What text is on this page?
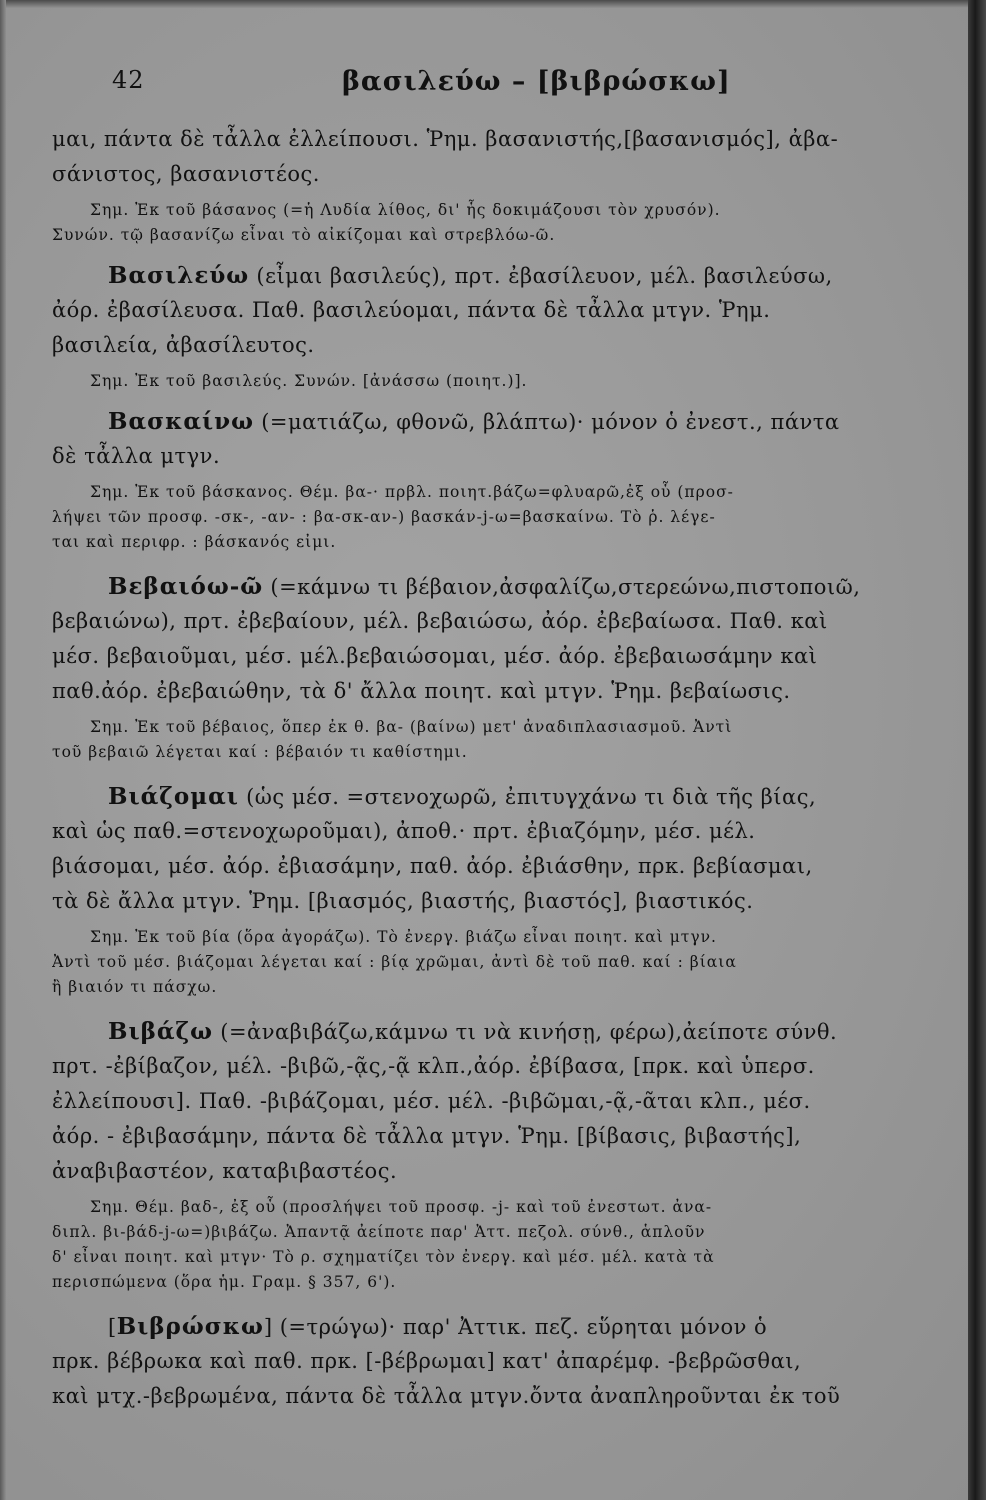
42	βασιλεύω – [βιβρώσκω]
μαι, πάντα δὲ τἆλλα ἐλλείπουσι. Ῥημ. βασανιστής,[βασανισμός], ἀβα-
σάνιστος, βασανιστέος.
Σημ. Ἐκ τοῦ βάσανος (=ἡ Λυδία λίθος, δι' ἧς δοκιμάζουσι τὸν χρυσόν).
Συνών. τῷ βασανίζω εἶναι τὸ αἰκίζομαι καὶ στρεβλόω-ῶ.
Βασιλεύω (εἶμαι βασιλεύς), πρτ. ἐβασίλευον, μέλ. βασιλεύσω,
ἀόρ. ἐβασίλευσα. Παθ. βασιλεύομαι, πάντα δὲ τἆλλα μτγν. Ῥημ.
βασιλεία, ἀβασίλευτος.
Σημ. Ἐκ τοῦ βασιλεύς. Συνών. [ἀνάσσω (ποιητ.)].
Βασκαίνω (=ματιάζω, φθονῶ, βλάπτω)· μόνον ὁ ἐνεστ., πάντα
δὲ τἆλλα μτγν.
Σημ. Ἐκ τοῦ βάσκανος. Θέμ. βα-· πρβλ. ποιητ.βάζω=φλυαρῶ,ἐξ οὗ (προσ-
λήψει τῶν προσφ. -σκ-, -αν- : βα-σκ-αν-) βασκάν-j-ω=βασκαίνω. Τὸ ῥ. λέγε-
ται καὶ περιφρ. : βάσκανός εἰμι.
Βεβαιόω-ῶ (=κάμνω τι βέβαιον,ἀσφαλίζω,στερεώνω,πιστοποιῶ,
βεβαιώνω), πρτ. ἐβεβαίουν, μέλ. βεβαιώσω, ἀόρ. ἐβεβαίωσα. Παθ. καὶ
μέσ. βεβαιοῦμαι, μέσ. μέλ.βεβαιώσομαι, μέσ. ἀόρ. ἐβεβαιωσάμην καὶ
παθ.ἀόρ. ἐβεβαιώθην, τὰ δ' ἄλλα ποιητ. καὶ μτγν. Ῥημ. βεβαίωσις.
Σημ. Ἐκ τοῦ βέβαιος, ὅπερ ἐκ θ. βα- (βαίνω) μετ' ἀναδιπλασιασμοῦ. Ἀντὶ
τοῦ βεβαιῶ λέγεται καί : βέβαιόν τι καθίστημι.
Βιάζομαι (ὡς μέσ. =στενοχωρῶ, ἐπιτυγχάνω τι διὰ τῆς βίας,
καὶ ὡς παθ.=στενοχωροῦμαι), ἀποθ.· πρτ. ἐβιαζόμην, μέσ. μέλ.
βιάσομαι, μέσ. ἀόρ. ἐβιασάμην, παθ. ἀόρ. ἐβιάσθην, πρκ. βεβίασμαι,
τὰ δὲ ἄλλα μτγν. Ῥημ. [βιασμός, βιαστής, βιαστός], βιαστικός.
Σημ. Ἐκ τοῦ βία (ὅρα ἀγοράζω). Τὸ ἐνεργ. βιάζω εἶναι ποιητ. καὶ μτγν.
Ἀντὶ τοῦ μέσ. βιάζομαι λέγεται καί : βίᾳ χρῶμαι, ἀντὶ δὲ τοῦ παθ. καί : βίαια
ἢ βιαιόν τι πάσχω.
Βιβάζω (=ἀναβιβάζω,κάμνω τι νὰ κινήσῃ, φέρω),ἀείποτε σύνθ.
πρτ. -ἐβίβαζον, μέλ. -βιβῶ,-ᾷς,-ᾷ κλπ.,ἀόρ. ἐβίβασα, [πρκ. καὶ ὑπερσ.
ἐλλείπουσι]. Παθ. -βιβάζομαι, μέσ. μέλ. -βιβῶμαι,-ᾷ,-ᾶται κλπ., μέσ.
ἀόρ. - ἐβιβασάμην, πάντα δὲ τἆλλα μτγν. Ῥημ. [βίβασις, βιβαστής],
ἀναβιβαστέον, καταβιβαστέος.
Σημ. Θέμ. βαδ-, ἐξ οὗ (προσλήψει τοῦ προσφ. -j- καὶ τοῦ ἐνεστωτ. ἀνα-
διπλ. βι-βάδ-j-ω=)βιβάζω. Ἀπαντᾷ ἀείποτε παρ' Ἀττ. πεζολ. σύνθ., ἁπλοῦν
δ' εἶναι ποιητ. καὶ μτγν· Τὸ ρ. σχηματίζει τὸν ἐνεργ. καὶ μέσ. μέλ. κατὰ τὰ
περισπώμενα (ὅρα ἡμ. Γραμ. § 357, 6').
[Βιβρώσκω] (=τρώγω)· παρ' Ἀττικ. πεζ. εὕρηται μόνον ὁ
πρκ. βέβρωκα καὶ παθ. πρκ. [-βέβρωμαι] κατ' ἀπαρέμφ. -βεβρῶσθαι,
καὶ μτχ.-βεβρωμένα, πάντα δὲ τἆλλα μτγν.ὄντα ἀναπληροῦνται ἐκ τοῦ
